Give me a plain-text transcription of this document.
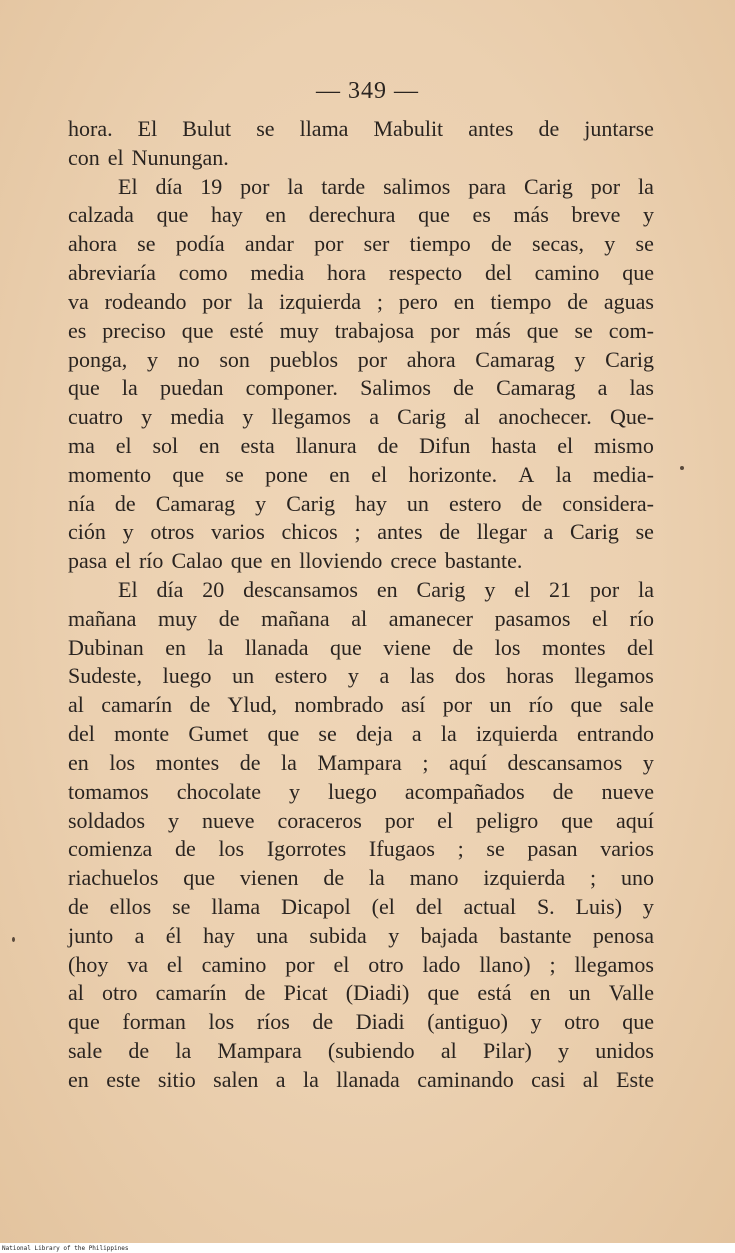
— 349 —
hora. El Bulut se llama Mabulit antes de juntarse
con el Nunungan.
El día 19 por la tarde salimos para Carig por la
calzada que hay en derechura que es más breve y
ahora se podía andar por ser tiempo de secas, y se
abreviaría como media hora respecto del camino que
va rodeando por la izquierda ; pero en tiempo de aguas
es preciso que esté muy trabajosa por más que se com-
ponga, y no son pueblos por ahora Camarag y Carig
que la puedan componer. Salimos de Camarag a las
cuatro y media y llegamos a Carig al anochecer. Que-
ma el sol en esta llanura de Difun hasta el mismo
momento que se pone en el horizonte. A la media-
nía de Camarag y Carig hay un estero de considera-
ción y otros varios chicos ; antes de llegar a Carig se
pasa el río Calao que en lloviendo crece bastante.
El día 20 descansamos en Carig y el 21 por la
mañana muy de mañana al amanecer pasamos el río
Dubinan en la llanada que viene de los montes del
Sudeste, luego un estero y a las dos horas llegamos
al camarín de Ylud, nombrado así por un río que sale
del monte Gumet que se deja a la izquierda entrando
en los montes de la Mampara ; aquí descansamos y
tomamos chocolate y luego acompañados de nueve
soldados y nueve coraceros por el peligro que aquí
comienza de los Igorrotes Ifugaos ; se pasan varios
riachuelos que vienen de la mano izquierda ; uno
de ellos se llama Dicapol (el del actual S. Luis) y
junto a él hay una subida y bajada bastante penosa
(hoy va el camino por el otro lado llano) ; llegamos
al otro camarín de Picat (Diadi) que está en un Valle
que forman los ríos de Diadi (antiguo) y otro que
sale de la Mampara (subiendo al Pilar) y unidos
en este sitio salen a la llanada caminando casi al Este
National Library of the Philippines
